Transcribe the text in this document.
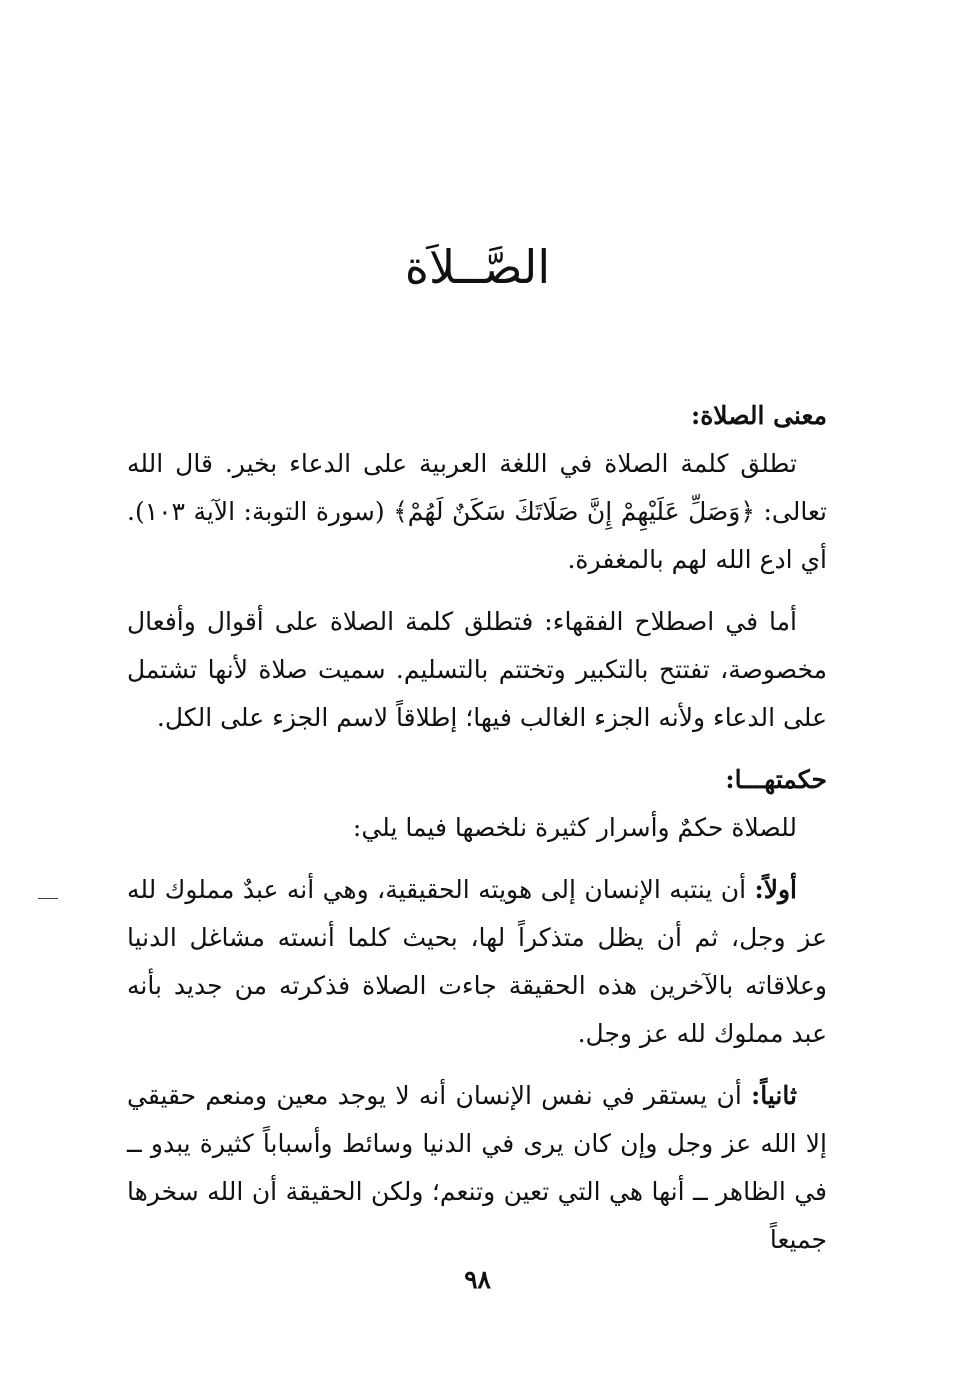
الصَّــلاَة

معنى الصلاة:

تطلق كلمة الصلاة في اللغة العربية على الدعاء بخير. قال الله تعالى: ﴿وَصَلِّ عَلَيْهِمْ إِنَّ صَلَاتَكَ سَكَنٌ لَهُمْ﴾ (سورة التوبة: الآية ١٠٣). أي ادع الله لهم بالمغفرة.

أما في اصطلاح الفقهاء: فتطلق كلمة الصلاة على أقوال وأفعال مخصوصة، تفتتح بالتكبير وتختتم بالتسليم. سميت صلاة لأنها تشتمل على الدعاء ولأنه الجزء الغالب فيها؛ إطلاقاً لاسم الجزء على الكل.

حكمتهـــا:

للصلاة حكمٌ وأسرار كثيرة نلخصها فيما يلي:

أولاً: أن ينتبه الإنسان إلى هويته الحقيقية، وهي أنه عبدٌ مملوك لله عز وجل، ثم أن يظل متذكراً لها، بحيث كلما أنسته مشاغل الدنيا وعلاقاته بالآخرين هذه الحقيقة جاءت الصلاة فذكرته من جديد بأنه عبد مملوك لله عز وجل.

ثانياً: أن يستقر في نفس الإنسان أنه لا يوجد معين ومنعم حقيقي إلا الله عز وجل وإن كان يرى في الدنيا وسائط وأسباباً كثيرة يبدو ــ في الظاهر ــ أنها هي التي تعين وتنعم؛ ولكن الحقيقة أن الله سخرها جميعاً

٩٨
